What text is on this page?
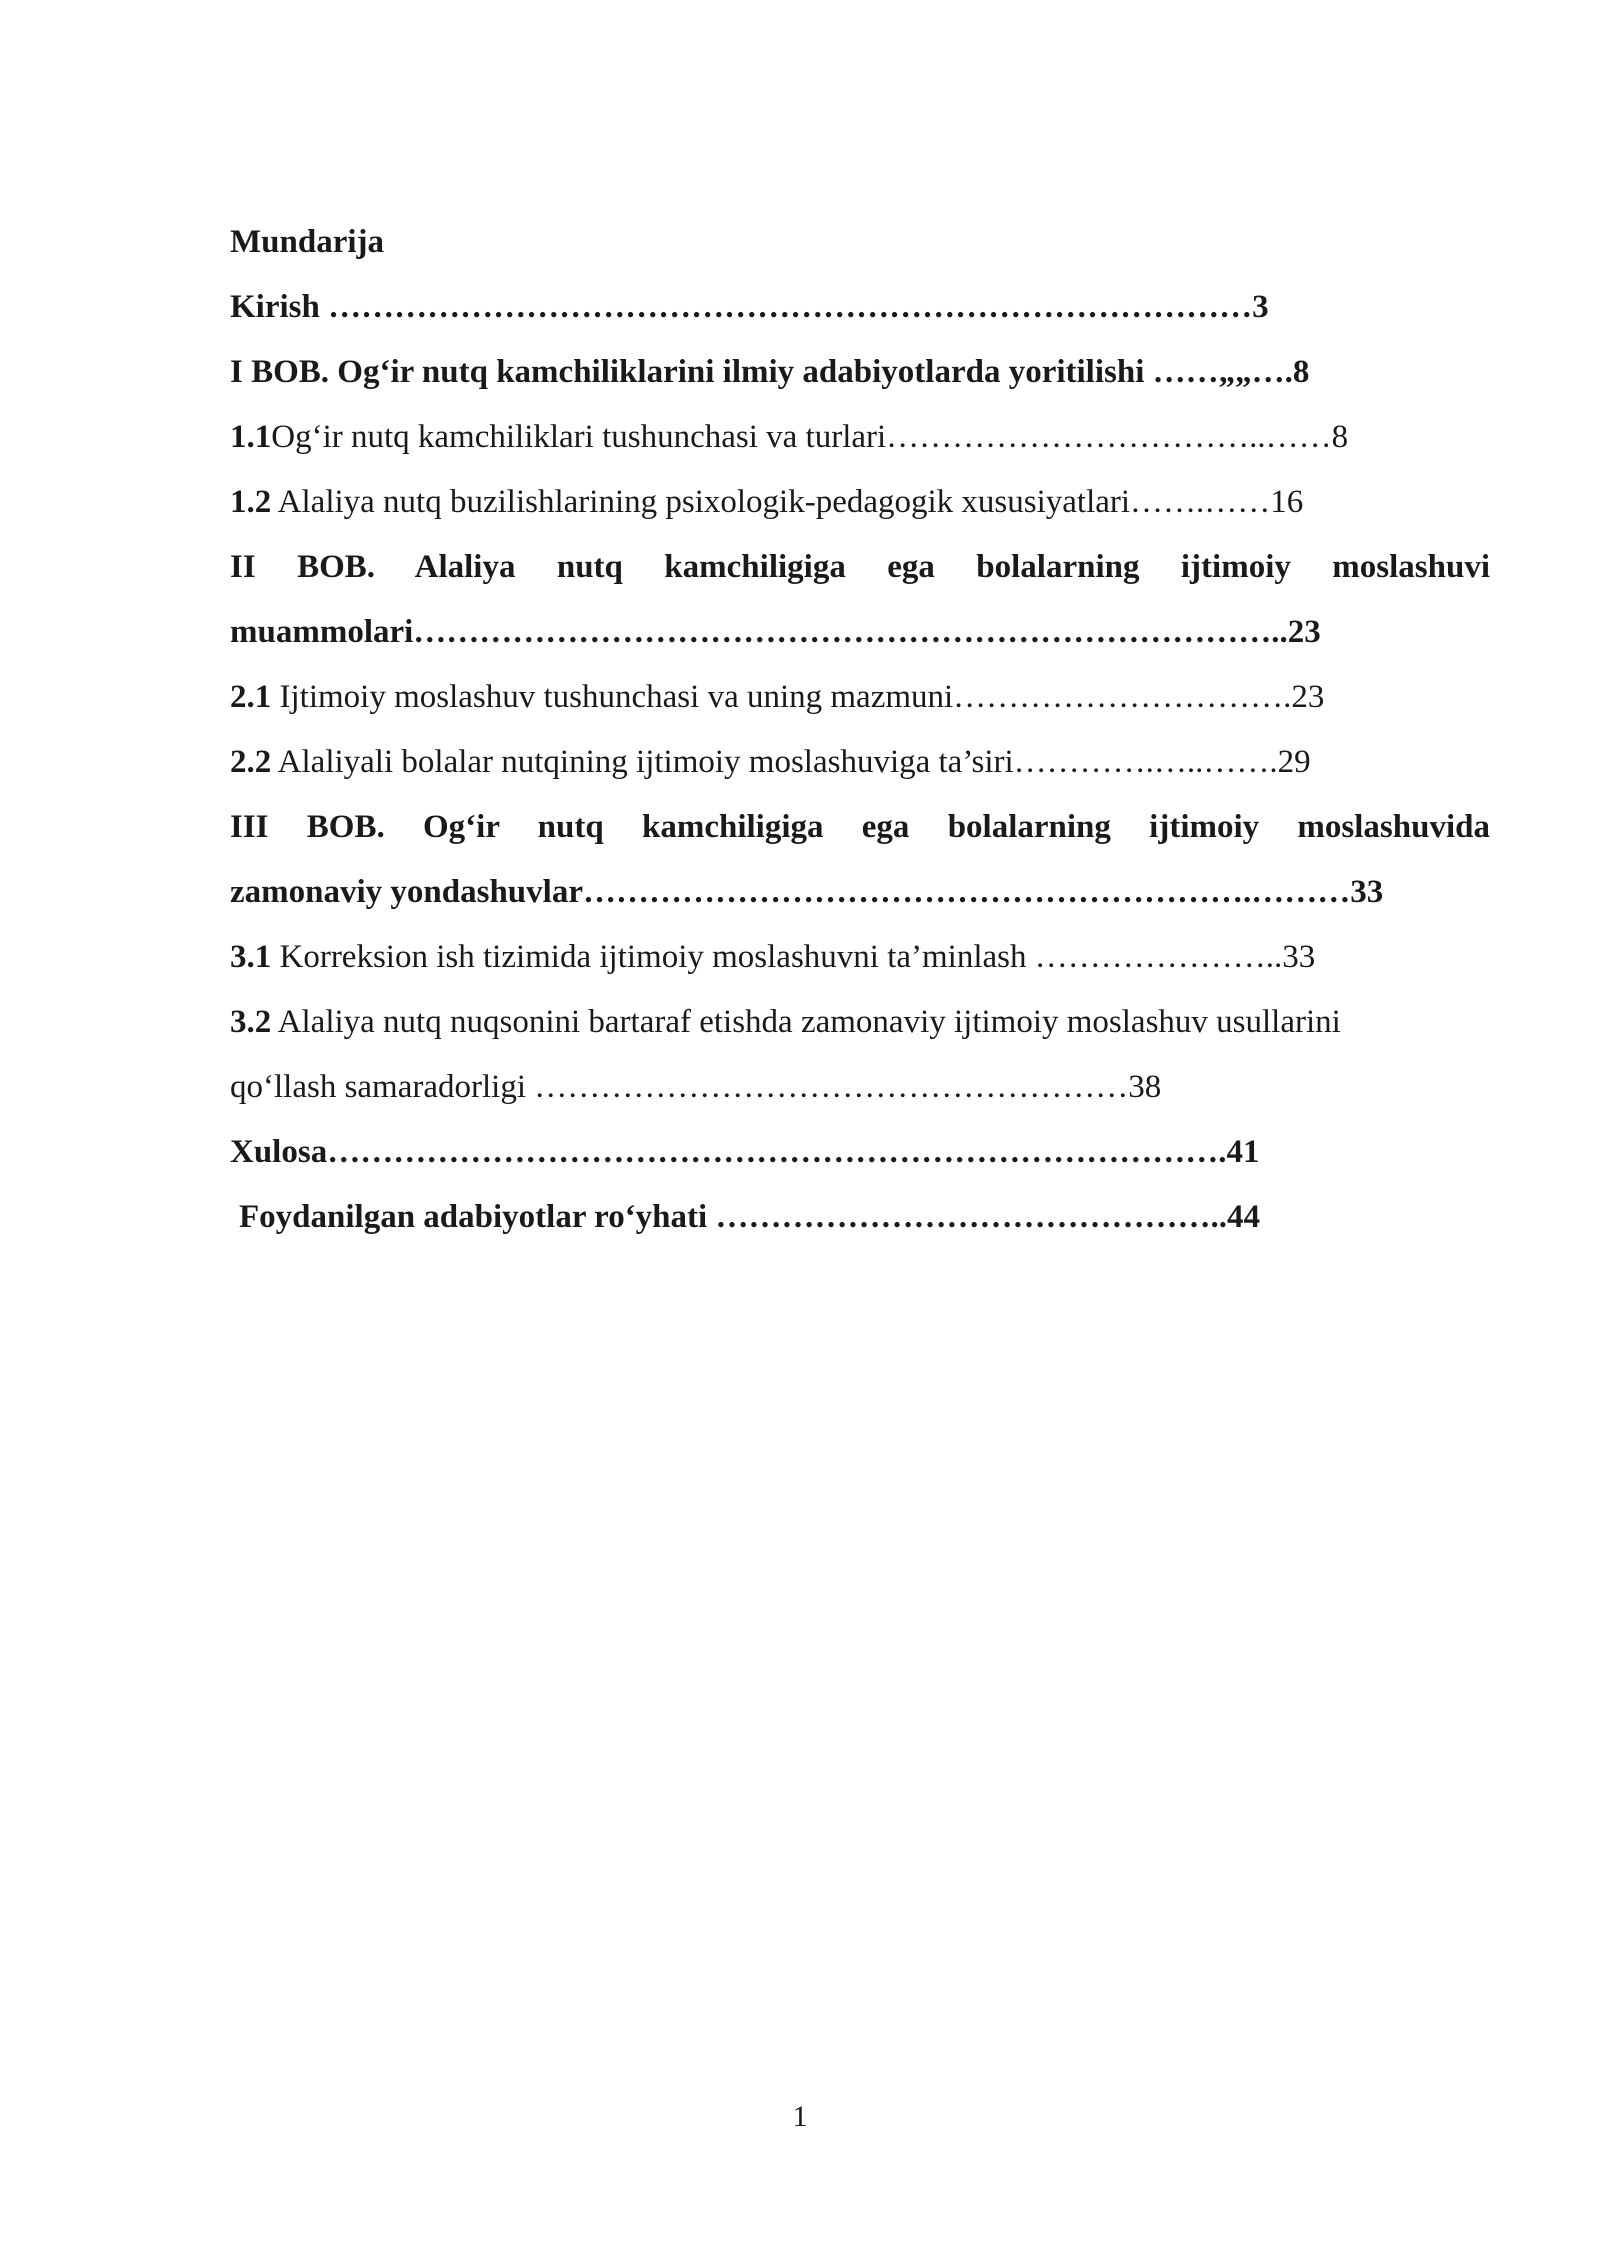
Mundarija
Kirish …………………………………………………………………………3
I BOB. Og‘ir nutq kamchiliklarini ilmiy adabiyotlarda yoritilishi ……„„….8
1.1Og‘ir nutq kamchiliklari tushunchasi va turlari……………………………..……8
1.2 Alaliya nutq buzilishlarining psixologik-pedagogik xususiyatlari…….……16
II BOB. Alaliya nutq kamchiligiga ega bolalarning ijtimoiy moslashuvi
muammolari……………………………………………………………………..23
2.1 Ijtimoiy moslashuv tushunchasi va uning mazmuni………………………….23
2.2 Alaliyali bolalar nutqining ijtimoiy moslashuviga ta’siri………….…..…….29
III BOB. Og‘ir nutq kamchiligiga ega bolalarning ijtimoiy moslashuvida
zamonaviy yondashuvlar…………………………………………………….………33
3.1 Korreksion ish tizimida ijtimoiy moslashuvni ta’minlash …………………..33
3.2 Alaliya nutq nuqsonini bartaraf etishda zamonaviy ijtimoiy moslashuv usullarini
qo‘llash samaradorligi ………………………………………………38
Xulosa……………………………………………………………………….41
Foydanilgan adabiyotlar ro‘yhati ………………………………………..44
1
